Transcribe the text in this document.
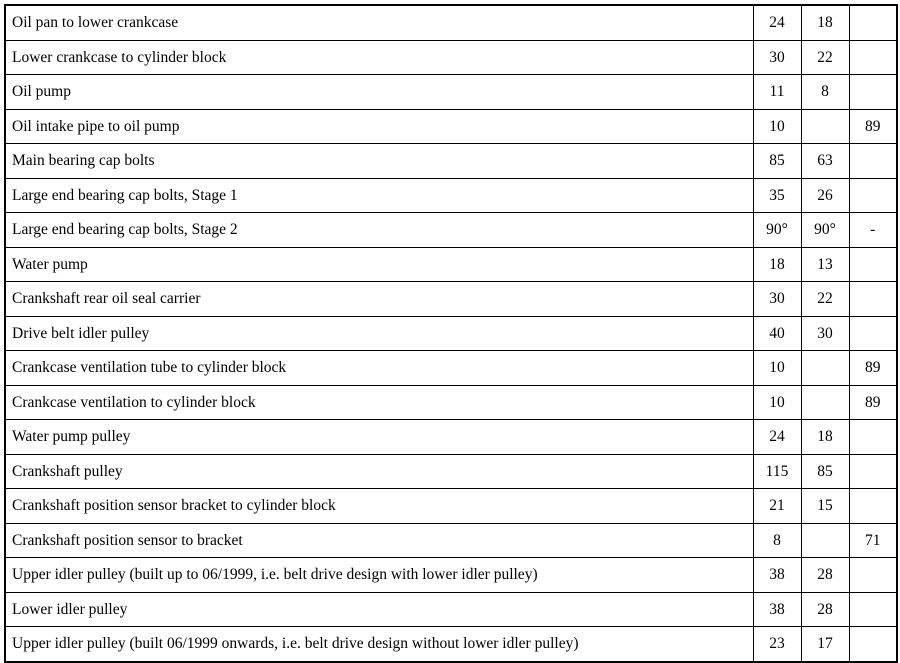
Oil pan to lower crankcase	24	18	
Lower crankcase to cylinder block	30	22	
Oil pump	11	8	
Oil intake pipe to oil pump	10		89
Main bearing cap bolts	85	63	
Large end bearing cap bolts, Stage 1	35	26	
Large end bearing cap bolts, Stage 2	90°	90°	-
Water pump	18	13	
Crankshaft rear oil seal carrier	30	22	
Drive belt idler pulley	40	30	
Crankcase ventilation tube to cylinder block	10		89
Crankcase ventilation to cylinder block	10		89
Water pump pulley	24	18	
Crankshaft pulley	115	85	
Crankshaft position sensor bracket to cylinder block	21	15	
Crankshaft position sensor to bracket	8		71
Upper idler pulley (built up to 06/1999, i.e. belt drive design with lower idler pulley)	38	28	
Lower idler pulley	38	28	
Upper idler pulley (built 06/1999 onwards, i.e. belt drive design without lower idler pulley)	23	17	
